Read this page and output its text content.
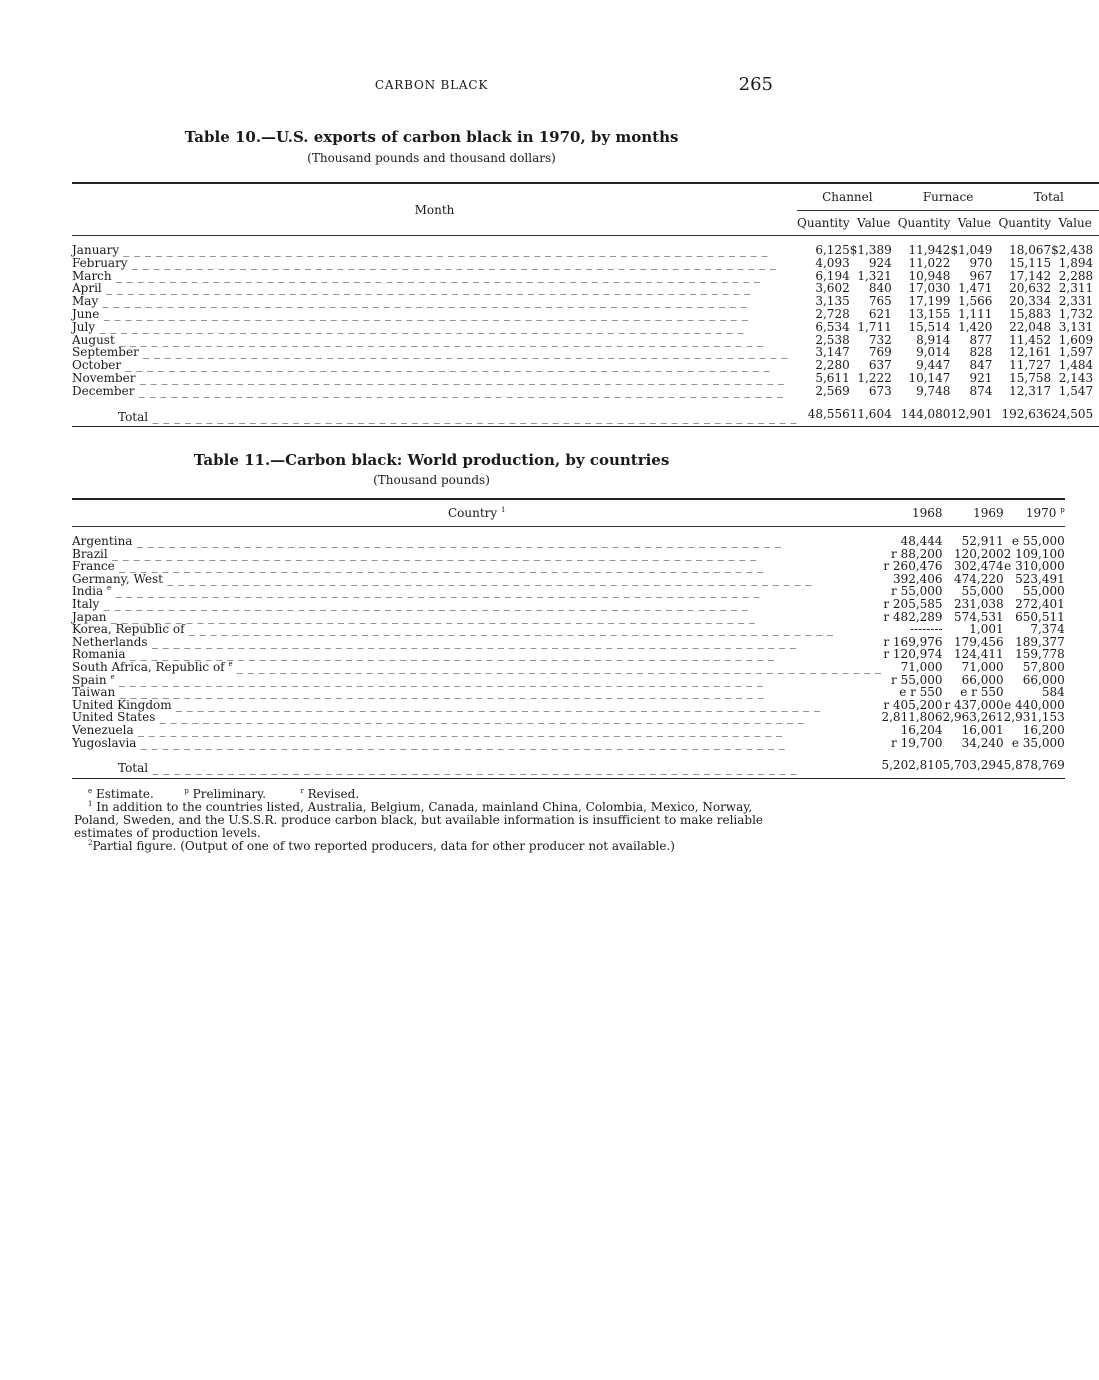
CARBON BLACK	265
Table 10.—U.S. exports of carbon black in 1970, by months
(Thousand pounds and thousand dollars)
Month	Channel		Furnace		Total	
	Quantity	Value	Quantity	Value	Quantity	Value

January _ _ _ _ _ _ _ _ _ _ _ _ _ _ _ _ _ _ _ _ _ _ _ _ _ _ _ _ _ _ _ _ _ _ _ _ _ _ _ _ _ _ _ _ _ _ _ _ _ _ _ _ _ _ _ _ _ _ _ _	6,125	$1,389	11,942	$1,049	18,067	$2,438
February _ _ _ _ _ _ _ _ _ _ _ _ _ _ _ _ _ _ _ _ _ _ _ _ _ _ _ _ _ _ _ _ _ _ _ _ _ _ _ _ _ _ _ _ _ _ _ _ _ _ _ _ _ _ _ _ _ _ _ _	4,093	924	11,022	970	15,115	1,894
March _ _ _ _ _ _ _ _ _ _ _ _ _ _ _ _ _ _ _ _ _ _ _ _ _ _ _ _ _ _ _ _ _ _ _ _ _ _ _ _ _ _ _ _ _ _ _ _ _ _ _ _ _ _ _ _ _ _ _ _	6,194	1,321	10,948	967	17,142	2,288
April _ _ _ _ _ _ _ _ _ _ _ _ _ _ _ _ _ _ _ _ _ _ _ _ _ _ _ _ _ _ _ _ _ _ _ _ _ _ _ _ _ _ _ _ _ _ _ _ _ _ _ _ _ _ _ _ _ _ _ _	3,602	840	17,030	1,471	20,632	2,311
May _ _ _ _ _ _ _ _ _ _ _ _ _ _ _ _ _ _ _ _ _ _ _ _ _ _ _ _ _ _ _ _ _ _ _ _ _ _ _ _ _ _ _ _ _ _ _ _ _ _ _ _ _ _ _ _ _ _ _ _	3,135	765	17,199	1,566	20,334	2,331
June _ _ _ _ _ _ _ _ _ _ _ _ _ _ _ _ _ _ _ _ _ _ _ _ _ _ _ _ _ _ _ _ _ _ _ _ _ _ _ _ _ _ _ _ _ _ _ _ _ _ _ _ _ _ _ _ _ _ _ _	2,728	621	13,155	1,111	15,883	1,732
July _ _ _ _ _ _ _ _ _ _ _ _ _ _ _ _ _ _ _ _ _ _ _ _ _ _ _ _ _ _ _ _ _ _ _ _ _ _ _ _ _ _ _ _ _ _ _ _ _ _ _ _ _ _ _ _ _ _ _ _	6,534	1,711	15,514	1,420	22,048	3,131
August _ _ _ _ _ _ _ _ _ _ _ _ _ _ _ _ _ _ _ _ _ _ _ _ _ _ _ _ _ _ _ _ _ _ _ _ _ _ _ _ _ _ _ _ _ _ _ _ _ _ _ _ _ _ _ _ _ _ _ _	2,538	732	8,914	877	11,452	1,609
September _ _ _ _ _ _ _ _ _ _ _ _ _ _ _ _ _ _ _ _ _ _ _ _ _ _ _ _ _ _ _ _ _ _ _ _ _ _ _ _ _ _ _ _ _ _ _ _ _ _ _ _ _ _ _ _ _ _ _ _	3,147	769	9,014	828	12,161	1,597
October _ _ _ _ _ _ _ _ _ _ _ _ _ _ _ _ _ _ _ _ _ _ _ _ _ _ _ _ _ _ _ _ _ _ _ _ _ _ _ _ _ _ _ _ _ _ _ _ _ _ _ _ _ _ _ _ _ _ _ _	2,280	637	9,447	847	11,727	1,484
November _ _ _ _ _ _ _ _ _ _ _ _ _ _ _ _ _ _ _ _ _ _ _ _ _ _ _ _ _ _ _ _ _ _ _ _ _ _ _ _ _ _ _ _ _ _ _ _ _ _ _ _ _ _ _ _ _ _ _ _	5,611	1,222	10,147	921	15,758	2,143
December _ _ _ _ _ _ _ _ _ _ _ _ _ _ _ _ _ _ _ _ _ _ _ _ _ _ _ _ _ _ _ _ _ _ _ _ _ _ _ _ _ _ _ _ _ _ _ _ _ _ _ _ _ _ _ _ _ _ _ _	2,569	673	9,748	874	12,317	1,547

Total _ _ _ _ _ _ _ _ _ _ _ _ _ _ _ _ _ _ _ _ _ _ _ _ _ _ _ _ _ _ _ _ _ _ _ _ _ _ _ _ _ _ _ _ _ _ _ _ _ _ _ _ _ _ _ _ _ _ _ _	48,556	11,604	144,080	12,901	192,636	24,505
Table 11.—Carbon black: World production, by countries
(Thousand pounds)
Country $^1$	1968	1969	1970 $^p$	

Argentina _ _ _ _ _ _ _ _ _ _ _ _ _ _ _ _ _ _ _ _ _ _ _ _ _ _ _ _ _ _ _ _ _ _ _ _ _ _ _ _ _ _ _ _ _ _ _ _ _ _ _ _ _ _ _ _ _ _ _ _	48,444	52,911	e 55,000	
Brazil _ _ _ _ _ _ _ _ _ _ _ _ _ _ _ _ _ _ _ _ _ _ _ _ _ _ _ _ _ _ _ _ _ _ _ _ _ _ _ _ _ _ _ _ _ _ _ _ _ _ _ _ _ _ _ _ _ _ _ _	r 88,200	120,200	2 109,100	
France _ _ _ _ _ _ _ _ _ _ _ _ _ _ _ _ _ _ _ _ _ _ _ _ _ _ _ _ _ _ _ _ _ _ _ _ _ _ _ _ _ _ _ _ _ _ _ _ _ _ _ _ _ _ _ _ _ _ _ _	r 260,476	302,474	e 310,000	
Germany, West _ _ _ _ _ _ _ _ _ _ _ _ _ _ _ _ _ _ _ _ _ _ _ _ _ _ _ _ _ _ _ _ _ _ _ _ _ _ _ _ _ _ _ _ _ _ _ _ _ _ _ _ _ _ _ _ _ _ _ _	392,406	474,220	523,491	
India $^e$ _ _ _ _ _ _ _ _ _ _ _ _ _ _ _ _ _ _ _ _ _ _ _ _ _ _ _ _ _ _ _ _ _ _ _ _ _ _ _ _ _ _ _ _ _ _ _ _ _ _ _ _ _ _ _ _ _ _ _ _	r 55,000	55,000	55,000	
Italy _ _ _ _ _ _ _ _ _ _ _ _ _ _ _ _ _ _ _ _ _ _ _ _ _ _ _ _ _ _ _ _ _ _ _ _ _ _ _ _ _ _ _ _ _ _ _ _ _ _ _ _ _ _ _ _ _ _ _ _	r 205,585	231,038	272,401	
Japan _ _ _ _ _ _ _ _ _ _ _ _ _ _ _ _ _ _ _ _ _ _ _ _ _ _ _ _ _ _ _ _ _ _ _ _ _ _ _ _ _ _ _ _ _ _ _ _ _ _ _ _ _ _ _ _ _ _ _ _	r 482,289	574,531	650,511	
Korea, Republic of _ _ _ _ _ _ _ _ _ _ _ _ _ _ _ _ _ _ _ _ _ _ _ _ _ _ _ _ _ _ _ _ _ _ _ _ _ _ _ _ _ _ _ _ _ _ _ _ _ _ _ _ _ _ _ _ _ _ _ _	--------	1,001	7,374	
Netherlands _ _ _ _ _ _ _ _ _ _ _ _ _ _ _ _ _ _ _ _ _ _ _ _ _ _ _ _ _ _ _ _ _ _ _ _ _ _ _ _ _ _ _ _ _ _ _ _ _ _ _ _ _ _ _ _ _ _ _ _	r 169,976	179,456	189,377	
Romania _ _ _ _ _ _ _ _ _ _ _ _ _ _ _ _ _ _ _ _ _ _ _ _ _ _ _ _ _ _ _ _ _ _ _ _ _ _ _ _ _ _ _ _ _ _ _ _ _ _ _ _ _ _ _ _ _ _ _ _	r 120,974	124,411	159,778	
South Africa, Republic of $^e$ _ _ _ _ _ _ _ _ _ _ _ _ _ _ _ _ _ _ _ _ _ _ _ _ _ _ _ _ _ _ _ _ _ _ _ _ _ _ _ _ _ _ _ _ _ _ _ _ _ _ _ _ _ _ _ _ _ _ _ _	71,000	71,000	57,800	
Spain $^e$ _ _ _ _ _ _ _ _ _ _ _ _ _ _ _ _ _ _ _ _ _ _ _ _ _ _ _ _ _ _ _ _ _ _ _ _ _ _ _ _ _ _ _ _ _ _ _ _ _ _ _ _ _ _ _ _ _ _ _ _	r 55,000	66,000	66,000	
Taiwan _ _ _ _ _ _ _ _ _ _ _ _ _ _ _ _ _ _ _ _ _ _ _ _ _ _ _ _ _ _ _ _ _ _ _ _ _ _ _ _ _ _ _ _ _ _ _ _ _ _ _ _ _ _ _ _ _ _ _ _	e r 550	e r 550	584	
United Kingdom _ _ _ _ _ _ _ _ _ _ _ _ _ _ _ _ _ _ _ _ _ _ _ _ _ _ _ _ _ _ _ _ _ _ _ _ _ _ _ _ _ _ _ _ _ _ _ _ _ _ _ _ _ _ _ _ _ _ _ _	r 405,200	r 437,000	e 440,000	
United States _ _ _ _ _ _ _ _ _ _ _ _ _ _ _ _ _ _ _ _ _ _ _ _ _ _ _ _ _ _ _ _ _ _ _ _ _ _ _ _ _ _ _ _ _ _ _ _ _ _ _ _ _ _ _ _ _ _ _ _	2,811,806	2,963,261	2,931,153	
Venezuela _ _ _ _ _ _ _ _ _ _ _ _ _ _ _ _ _ _ _ _ _ _ _ _ _ _ _ _ _ _ _ _ _ _ _ _ _ _ _ _ _ _ _ _ _ _ _ _ _ _ _ _ _ _ _ _ _ _ _ _	16,204	16,001	16,200	
Yugoslavia _ _ _ _ _ _ _ _ _ _ _ _ _ _ _ _ _ _ _ _ _ _ _ _ _ _ _ _ _ _ _ _ _ _ _ _ _ _ _ _ _ _ _ _ _ _ _ _ _ _ _ _ _ _ _ _ _ _ _ _	r 19,700	34,240	e 35,000	

Total _ _ _ _ _ _ _ _ _ _ _ _ _ _ _ _ _ _ _ _ _ _ _ _ _ _ _ _ _ _ _ _ _ _ _ _ _ _ _ _ _ _ _ _ _ _ _ _ _ _ _ _ _ _ _ _ _ _ _ _	5,202,810	5,703,294	5,878,769	

$^e$ Estimate.	$^p$ Preliminary.	$^r$ Revised.

$^1$ In addition to the countries listed, Australia, Belgium, Canada, mainland China, Colombia, Mexico, Norway, Poland, Sweden, and the U.S.S.R. produce carbon black, but available information is insufficient to make reliable estimates of production levels.

$^2$Partial figure. (Output of one of two reported producers, data for other producer not available.)
